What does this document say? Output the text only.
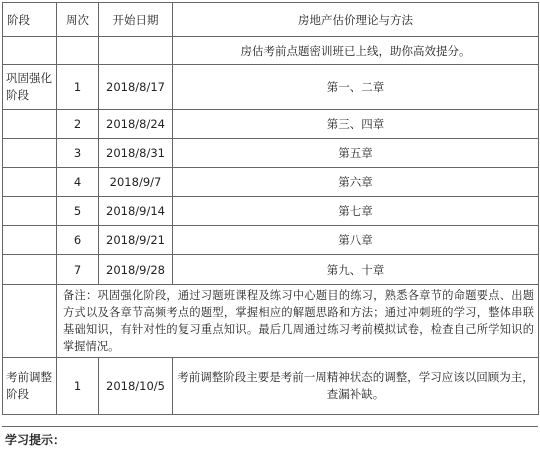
阶段	周次	开始日期	房地产估价理论与方法
			房估考前点题密训班已上线，助你高效提分。
巩固强化阶段	1	2018/8/17	第一、二章
	2	2018/8/24	第三、四章
	3	2018/8/31	第五章
	4	2018/9/7	第六章
	5	2018/9/14	第七章
	6	2018/9/21	第八章
	7	2018/9/28	第九、十章
	备注：巩固强化阶段，通过习题班课程及练习中心题目的练习，熟悉各章节的命题要点、出题方式以及各章节高频考点的题型，掌握相应的解题思路和方法；通过冲刺班的学习，整体串联基础知识，有针对性的复习重点知识。最后几周通过练习考前模拟试卷，检查自己所学知识的掌握情况。		
考前调整阶段	1	2018/10/5	考前调整阶段主要是考前一周精神状态的调整，学习应该以回顾为主，查漏补缺。
学习提示：
